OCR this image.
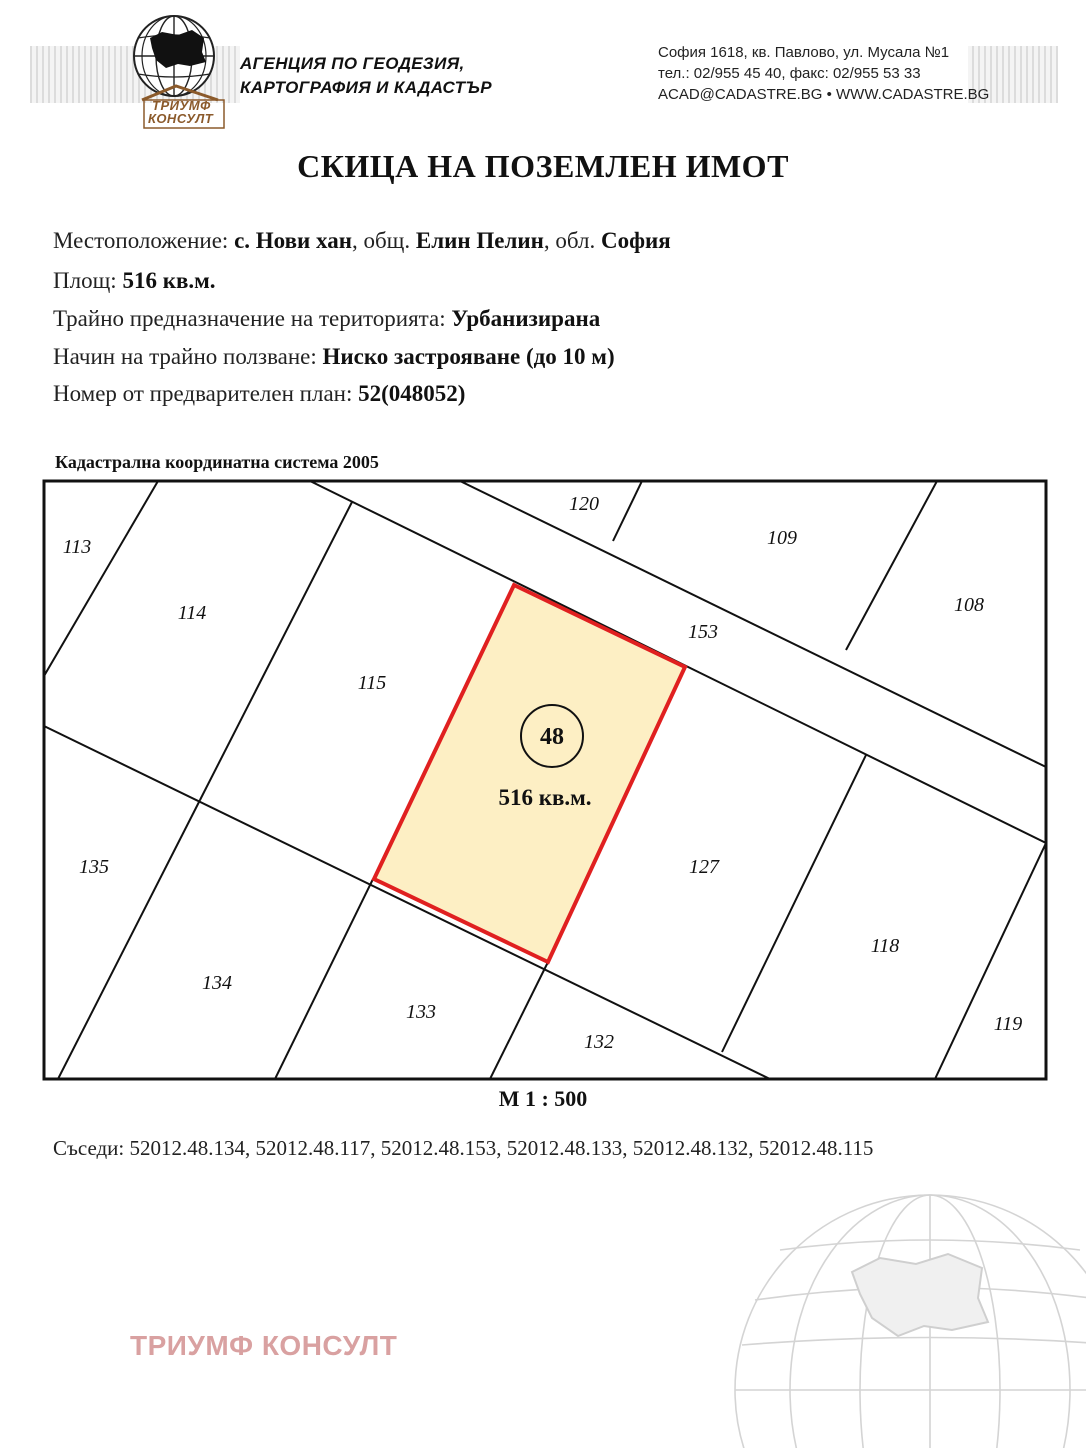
ТРИУМФ
КОНСУЛТ
АГЕНЦИЯ ПО ГЕОДЕЗИЯ,
КАРТОГРАФИЯ И КАДАСТЪР
София 1618, кв. Павлово, ул. Мусала №1
тел.: 02/955 45 40, факс: 02/955 53 33
ACAD@CADASTRE.BG • WWW.CADASTRE.BG
СКИЦА НА ПОЗЕМЛЕН ИМОТ
Местоположение: с. Нови хан, общ. Елин Пелин, обл. София
Площ: 516 кв.м.
Трайно предназначение на територията: Урбанизирана
Начин на трайно ползване: Ниско застрояване (до 10 м)
Номер от предварителен план: 52(048052)
Кадастрална координатна система 2005
48
516 кв.м.
113
114
115
120
109
108
153
135
134
133
132
127
118
119
М 1 : 500
Съседи: 52012.48.134, 52012.48.117, 52012.48.153, 52012.48.133, 52012.48.132, 52012.48.115
ТРИУМФ КОНСУЛТ
